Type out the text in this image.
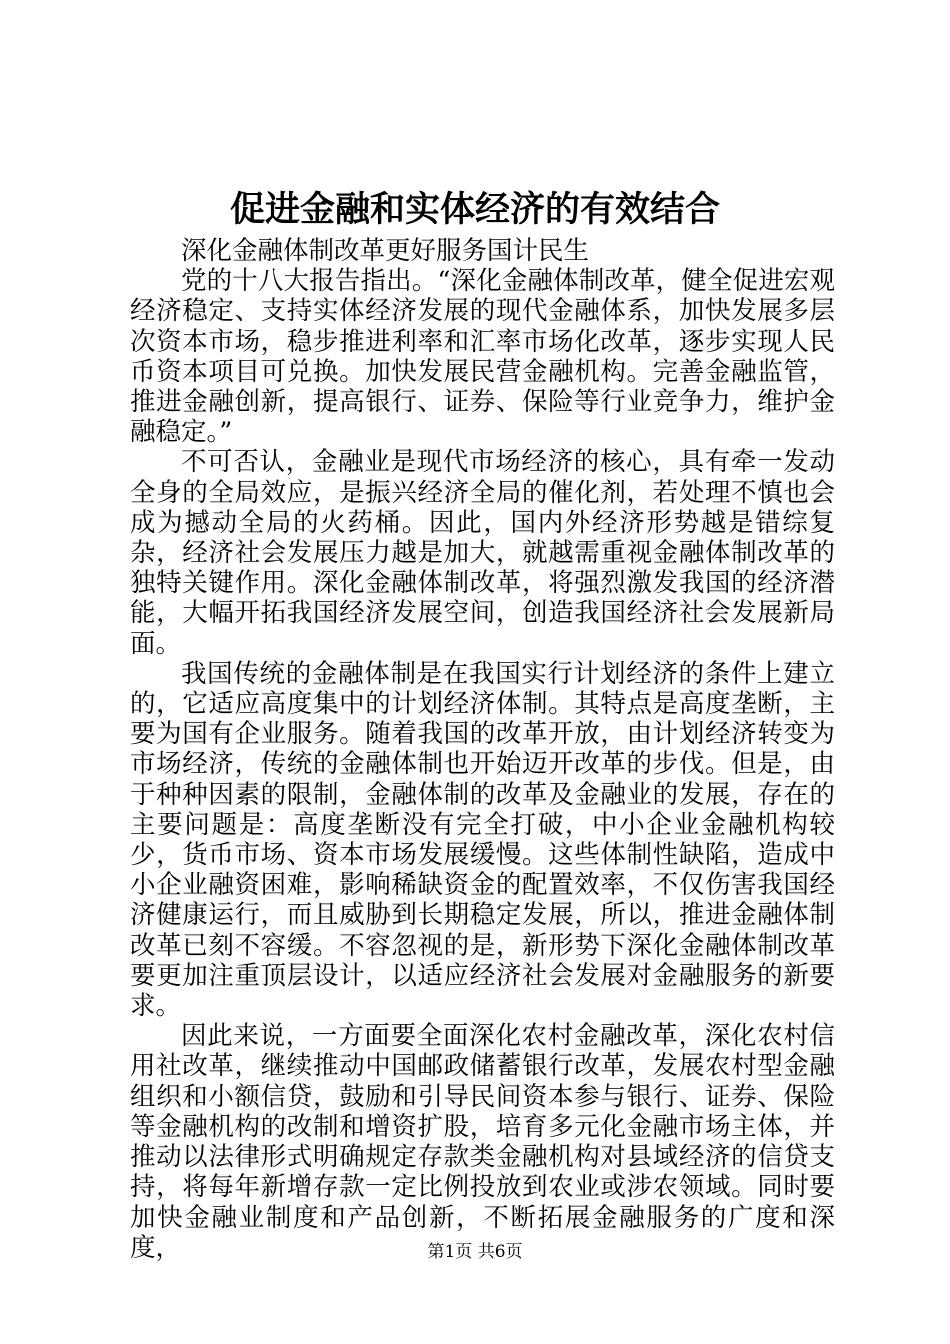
促进金融和实体经济的有效结合

深化金融体制改革更好服务国计民生

党的十八大报告指出。“深化金融体制改革，健全促进宏观经济稳定、支持实体经济发展的现代金融体系，加快发展多层次资本市场，稳步推进利率和汇率市场化改革，逐步实现人民币资本项目可兑换。加快发展民营金融机构。完善金融监管，推进金融创新，提高银行、证券、保险等行业竞争力，维护金融稳定。”

不可否认，金融业是现代市场经济的核心，具有牵一发动全身的全局效应，是振兴经济全局的催化剂，若处理不慎也会成为撼动全局的火药桶。因此，国内外经济形势越是错综复杂，经济社会发展压力越是加大，就越需重视金融体制改革的独特关键作用。深化金融体制改革，将强烈激发我国的经济潜能，大幅开拓我国经济发展空间，创造我国经济社会发展新局面。

我国传统的金融体制是在我国实行计划经济的条件上建立的，它适应高度集中的计划经济体制。其特点是高度垄断，主要为国有企业服务。随着我国的改革开放，由计划经济转变为市场经济，传统的金融体制也开始迈开改革的步伐。但是，由于种种因素的限制，金融体制的改革及金融业的发展，存在的主要问题是：高度垄断没有完全打破，中小企业金融机构较少，货币市场、资本市场发展缓慢。这些体制性缺陷，造成中小企业融资困难，影响稀缺资金的配置效率，不仅伤害我国经济健康运行，而且威胁到长期稳定发展，所以，推进金融体制改革已刻不容缓。不容忽视的是，新形势下深化金融体制改革要更加注重顶层设计，以适应经济社会发展对金融服务的新要求。

因此来说，一方面要全面深化农村金融改革，深化农村信用社改革，继续推动中国邮政储蓄银行改革，发展农村型金融组织和小额信贷，鼓励和引导民间资本参与银行、证券、保险等金融机构的改制和增资扩股，培育多元化金融市场主体，并推动以法律形式明确规定存款类金融机构对县域经济的信贷支持，将每年新增存款一定比例投放到农业或涉农领域。同时要加快金融业制度和产品创新，不断拓展金融服务的广度和深度，	第1页 共6页
